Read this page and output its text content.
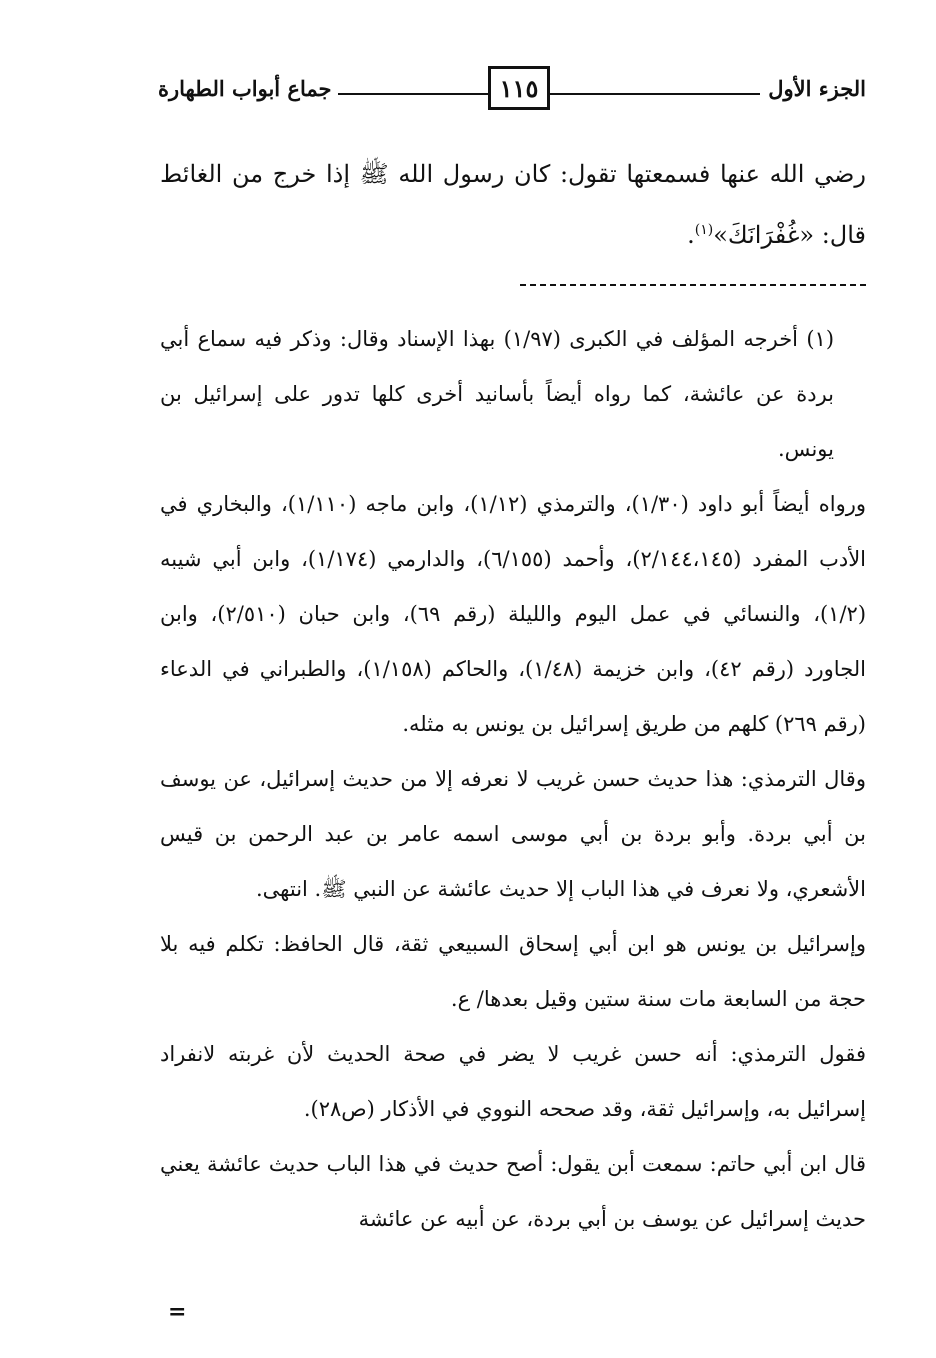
جماع أبواب الطهارة	١١٥	الجزء الأول
رضي الله عنها فسمعتها تقول: كان رسول الله ﷺ إذا خرج من الغائط قال: «غُفْرَانَكَ»$^{(١)}$.

(١) أخرجه المؤلف في الكبرى (١/٩٧) بهذا الإسناد وقال: وذكر فيه سماع أبي بردة عن عائشة، كما رواه أيضاً بأسانيد أخرى كلها تدور على إسرائيل بن يونس.

ورواه أيضاً أبو داود (١/٣٠)، والترمذي (١/١٢)، وابن ماجه (١/١١٠)، والبخاري في الأدب المفرد (٢/١٤٤،١٤٥)، وأحمد (٦/١٥٥)، والدارمي (١/١٧٤)، وابن أبي شيبه (١/٢)، والنسائي في عمل اليوم والليلة (رقم ٦٩)، وابن حبان (٢/٥١٠)، وابن الجاورد (رقم ٤٢)، وابن خزيمة (١/٤٨)، والحاكم (١/١٥٨)، والطبراني في الدعاء (رقم ٢٦٩) كلهم من طريق إسرائيل بن يونس به مثله.

وقال الترمذي: هذا حديث حسن غريب لا نعرفه إلا من حديث إسرائيل، عن يوسف بن أبي بردة. وأبو بردة بن أبي موسى اسمه عامر بن عبد الرحمن بن قيس الأشعري، ولا نعرف في هذا الباب إلا حديث عائشة عن النبي ﷺ. انتهى.

وإسرائيل بن يونس هو ابن أبي إسحاق السبيعي ثقة، قال الحافظ: تكلم فيه بلا حجة من السابعة مات سنة ستين وقيل بعدها/ ع.

فقول الترمذي: أنه حسن غريب لا يضر في صحة الحديث لأن غربته لانفراد إسرائيل به، وإسرائيل ثقة، وقد صححه النووي في الأذكار (ص٢٨).

قال ابن أبي حاتم: سمعت أبن يقول: أصح حديث في هذا الباب حديث عائشة يعني حديث إسرائيل عن يوسف بن أبي بردة، عن أبيه عن عائشة

=
